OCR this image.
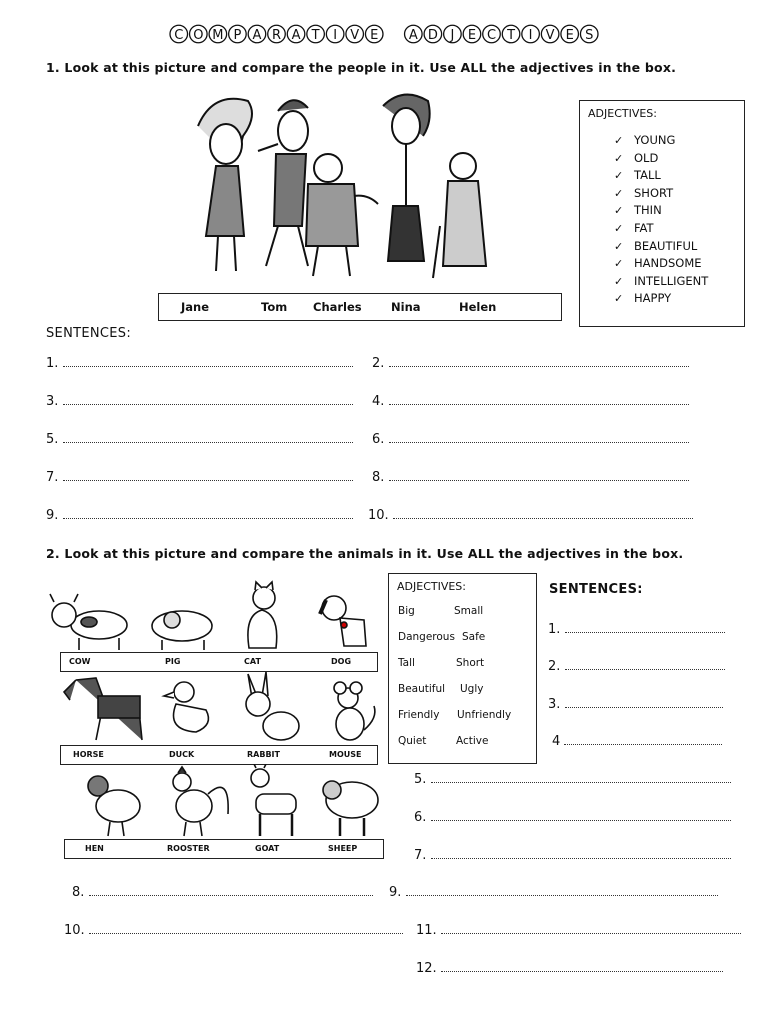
C O M P A R A T I V E A D J E C T I V E S
1. Look at this picture and compare the people in it. Use ALL the adjectives in the box.
Jane	Tom Charles	Nina	Helen
ADJECTIVES:
✓ YOUNG
✓ OLD
✓ TALL
✓ SHORT
✓ THIN
✓ FAT
✓ BEAUTIFUL
✓ HANDSOME
✓ INTELLIGENT
✓ HAPPY
SENTENCES:
1.	2.
3.	4.
5.	6.
7.	8.
9.	10.
2. Look at this picture and compare the animals in it. Use ALL the adjectives in the box.
COW	PIG	CAT	DOG
HORSE	DUCK	RABBIT	MOUSE
HEN	ROOSTER	GOAT	SHEEP
ADJECTIVES:
Big	Small
Dangerous Safe
Tall	Short
Beautiful Ugly
Friendly Unfriendly
Quiet	Active
SENTENCES:
1.
2.
3.
4
5.
6.
7.
8.	9.
10.	11.
12.
